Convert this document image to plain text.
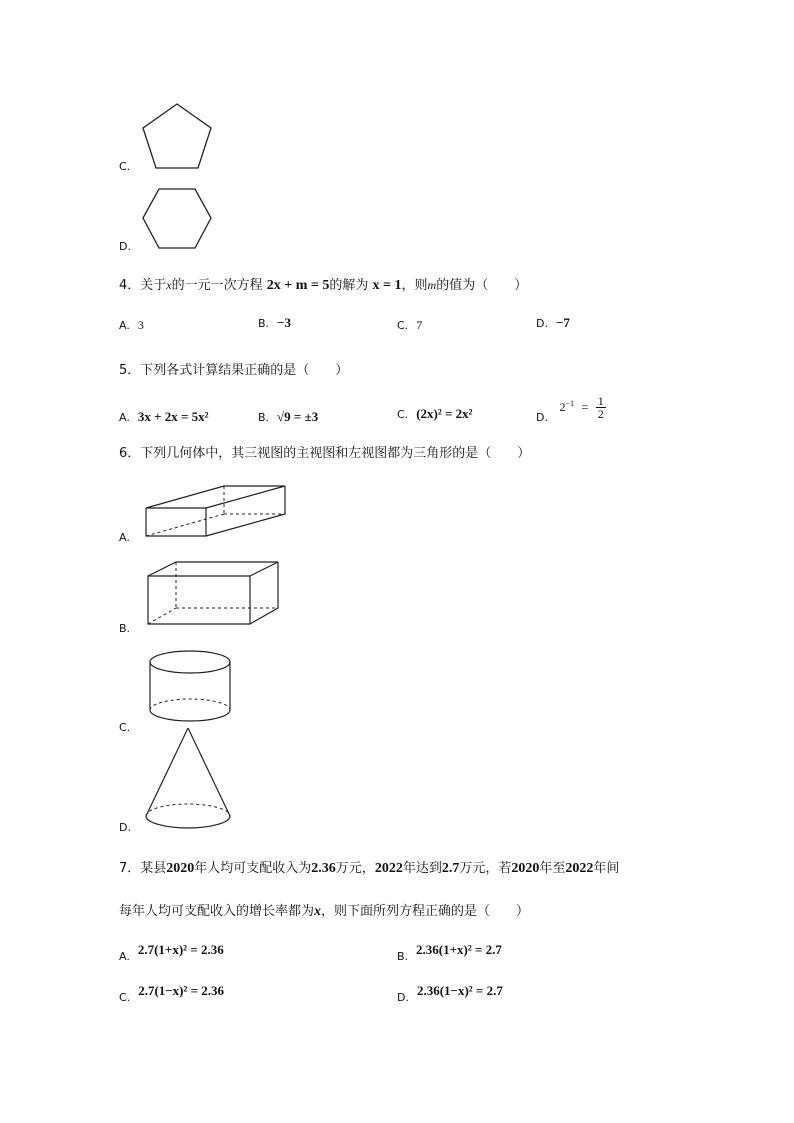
C.
D.
4．关于x的一元一次方程 2x + m = 5的解为 x = 1，则m的值为（　　）
A. 3	B. −3	C. 7	D. −7
5．下列各式计算结果正确的是（　　）
A. 3x + 2x = 5x²	B. √9 = ±3	C. (2x)² = 2x²	D. $2^{-1} = \frac{1}{2}$
6．下列几何体中，其三视图的主视图和左视图都为三角形的是（　　）
A.
B.
C.
D.
7．某县2020年人均可支配收入为2.36万元，2022年达到2.7万元，若2020年至2022年间
每年人均可支配收入的增长率都为x，则下面所列方程正确的是（　　）
A. 2.7(1+x)² = 2.36	B. 2.36(1+x)² = 2.7
C. 2.7(1−x)² = 2.36	D. 2.36(1−x)² = 2.7
